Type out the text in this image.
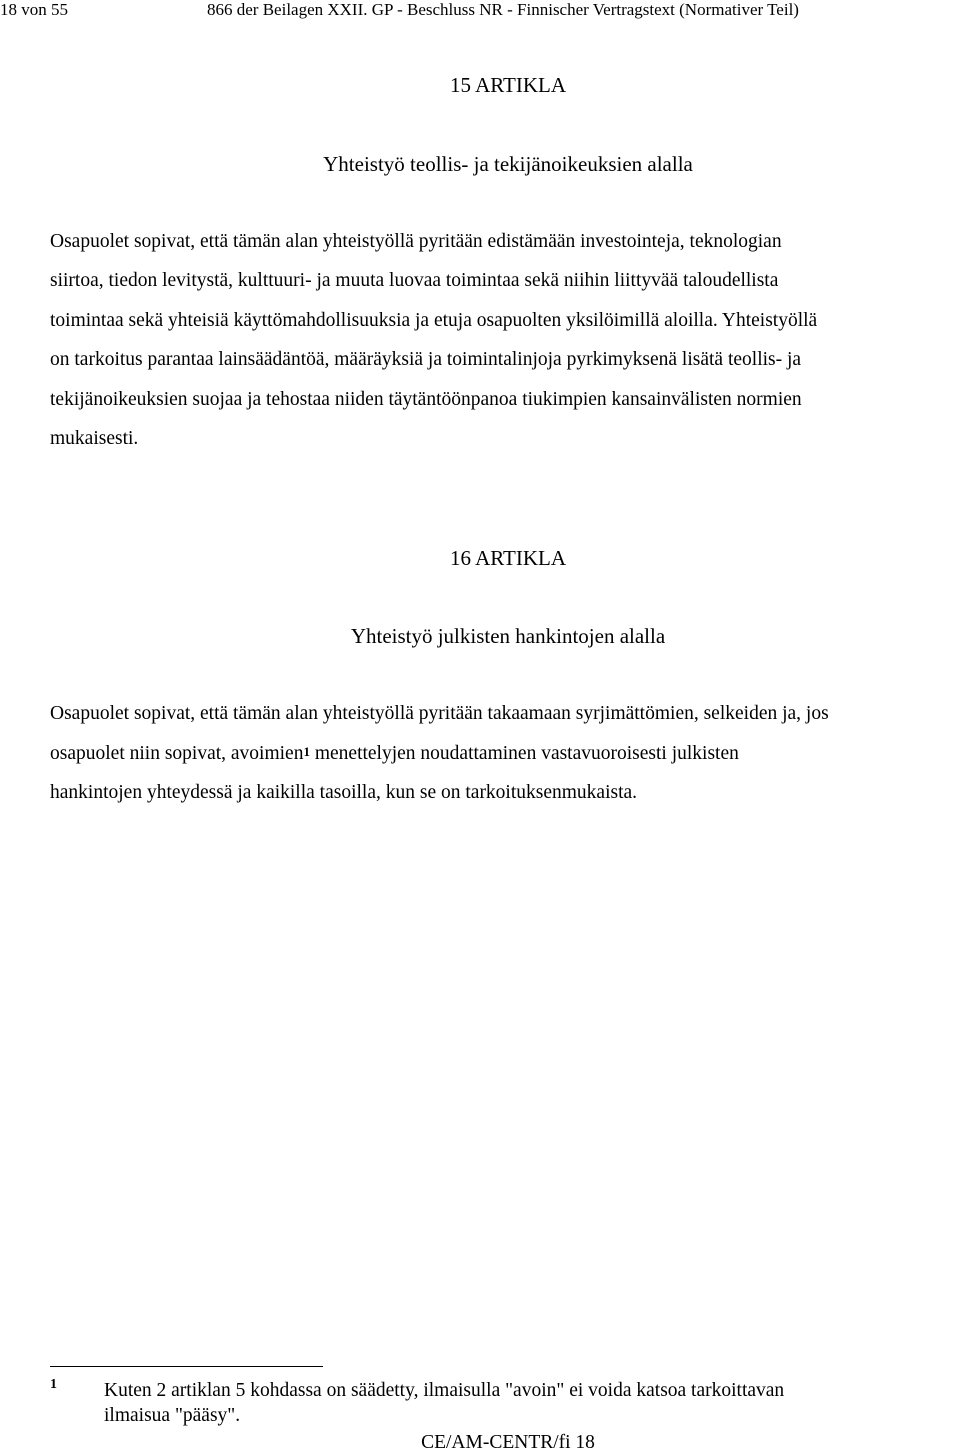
18 von 55	866 der Beilagen XXII. GP - Beschluss NR - Finnischer Vertragstext (Normativer Teil)
15 ARTIKLA
Yhteistyö teollis- ja tekijänoikeuksien alalla
Osapuolet sopivat, että tämän alan yhteistyöllä pyritään edistämään investointeja, teknologian
siirtoa, tiedon levitystä, kulttuuri- ja muuta luovaa toimintaa sekä niihin liittyvää taloudellista
toimintaa sekä yhteisiä käyttömahdollisuuksia ja etuja osapuolten yksilöimillä aloilla. Yhteistyöllä
on tarkoitus parantaa lainsäädäntöä, määräyksiä ja toimintalinjoja pyrkimyksenä lisätä teollis- ja
tekijänoikeuksien suojaa ja tehostaa niiden täytäntöönpanoa tiukimpien kansainvälisten normien
mukaisesti.
16 ARTIKLA
Yhteistyö julkisten hankintojen alalla
Osapuolet sopivat, että tämän alan yhteistyöllä pyritään takaamaan syrjimättömien, selkeiden ja, jos
osapuolet niin sopivat, avoimien$^1$ menettelyjen noudattaminen vastavuoroisesti julkisten
hankintojen yhteydessä ja kaikilla tasoilla, kun se on tarkoituksenmukaista.
1 Kuten 2 artiklan 5 kohdassa on säädetty, ilmaisulla "avoin" ei voida katsoa tarkoittavan
ilmaisua "pääsy".
CE/AM-CENTR/fi 18
